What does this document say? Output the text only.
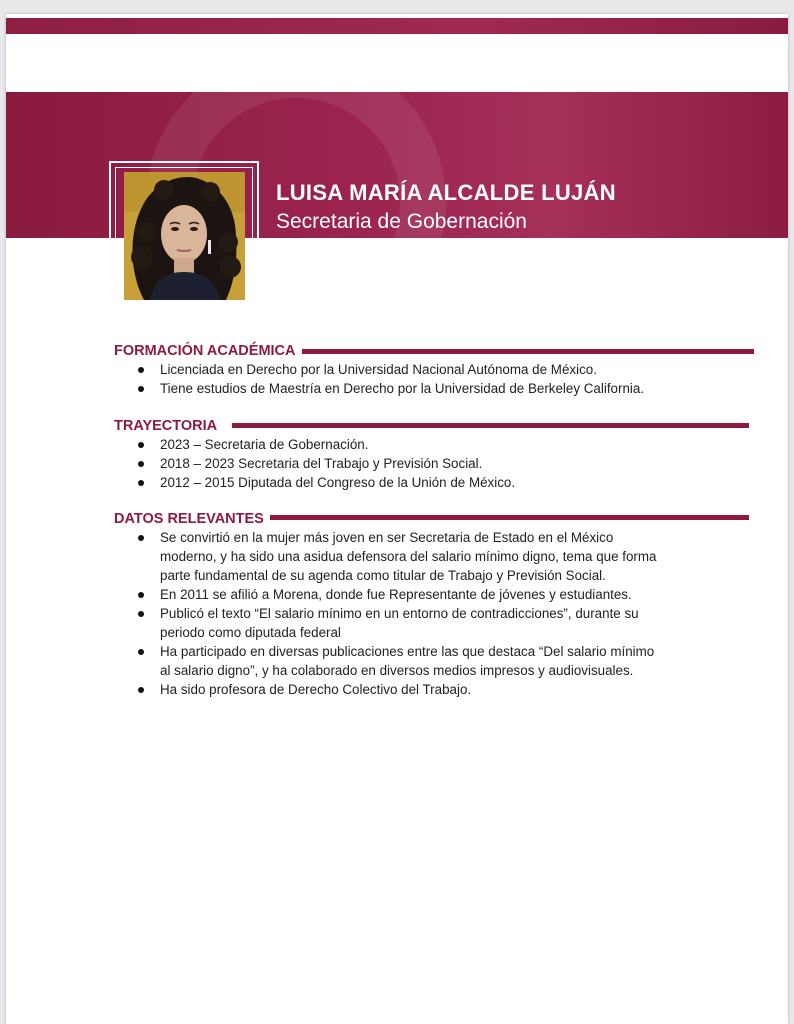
LUISA MARÍA ALCALDE LUJÁN
Secretaria de Gobernación
FORMACIÓN ACADÉMICA
Licenciada en Derecho por la Universidad Nacional Autónoma de México.
Tiene estudios de Maestría en Derecho por la Universidad de Berkeley California.
TRAYECTORIA
2023 – Secretaria de Gobernación.
2018 – 2023 Secretaria del Trabajo y Previsión Social.
2012 – 2015 Diputada del Congreso de la Unión de México.
DATOS RELEVANTES
Se convirtió en la mujer más joven en ser Secretaria de Estado en el México
moderno, y ha sido una asidua defensora del salario mínimo digno, tema que forma
parte fundamental de su agenda como titular de Trabajo y Previsión Social.
En 2011 se afilió a Morena, donde fue Representante de jóvenes y estudiantes.
Publicó el texto “El salario mínimo en un entorno de contradicciones”, durante su
periodo como diputada federal
Ha participado en diversas publicaciones entre las que destaca “Del salario mínimo
al salario digno”, y ha colaborado en diversos medios impresos y audiovisuales.
Ha sido profesora de Derecho Colectivo del Trabajo.
